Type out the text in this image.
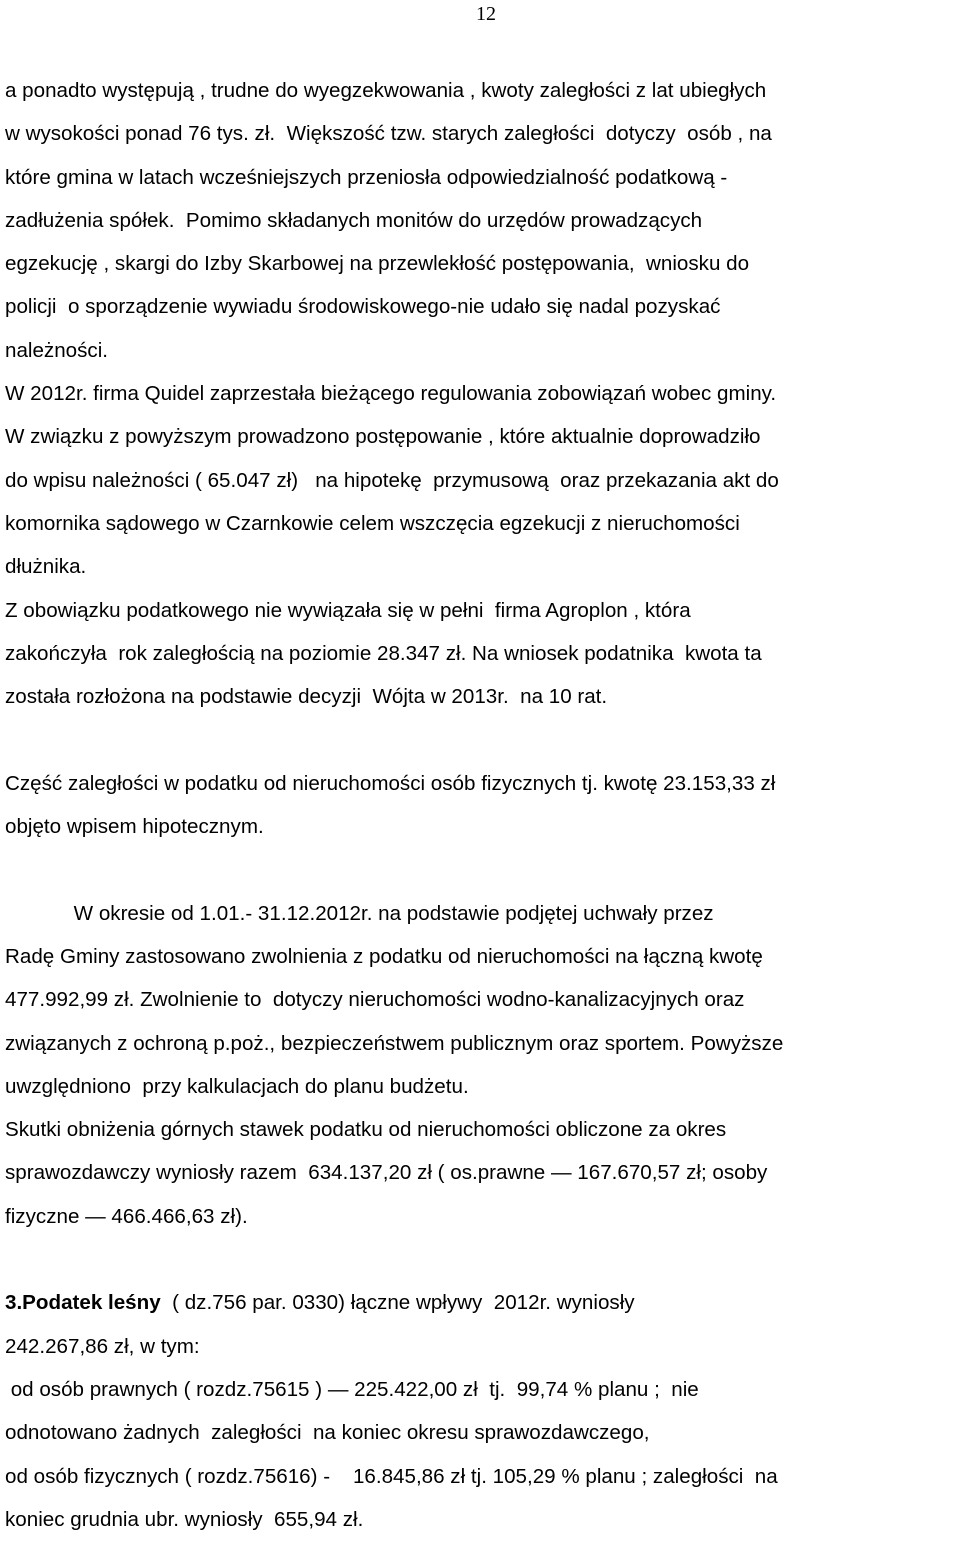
12
a ponadto występują , trudne do wyegzekwowania , kwoty zaległości z lat ubiegłych
w wysokości ponad 76 tys. zł.  Większość tzw. starych zaległości  dotyczy  osób , na
które gmina w latach wcześniejszych przeniosła odpowiedzialność podatkową -
zadłużenia spółek.  Pomimo składanych monitów do urzędów prowadzących
egzekucję , skargi do Izby Skarbowej na przewlekłość postępowania,  wniosku do
policji  o sporządzenie wywiadu środowiskowego-nie udało się nadal pozyskać
należności.
W 2012r. firma Quidel zaprzestała bieżącego regulowania zobowiązań wobec gminy.
W związku z powyższym prowadzono postępowanie , które aktualnie doprowadziło
do wpisu należności ( 65.047 zł)   na hipotekę  przymusową  oraz przekazania akt do
komornika sądowego w Czarnkowie celem wszczęcia egzekucji z nieruchomości
dłużnika.
Z obowiązku podatkowego nie wywiązała się w pełni  firma Agroplon , która
zakończyła  rok zaległością na poziomie 28.347 zł. Na wniosek podatnika  kwota ta
została rozłożona na podstawie decyzji  Wójta w 2013r.  na 10 rat.
Część zaległości w podatku od nieruchomości osób fizycznych tj. kwotę 23.153,33 zł
objęto wpisem hipotecznym.
W okresie od 1.01.- 31.12.2012r. na podstawie podjętej uchwały przez
Radę Gminy zastosowano zwolnienia z podatku od nieruchomości na łączną kwotę
477.992,99 zł. Zwolnienie to  dotyczy nieruchomości wodno-kanalizacyjnych oraz
związanych z ochroną p.poż., bezpieczeństwem publicznym oraz sportem. Powyższe
uwzględniono  przy kalkulacjach do planu budżetu.
Skutki obniżenia górnych stawek podatku od nieruchomości obliczone za okres
sprawozdawczy wyniosły razem  634.137,20 zł ( os.prawne — 167.670,57 zł; osoby
fizyczne — 466.466,63 zł).
3.Podatek leśny  ( dz.756 par. 0330) łączne wpływy  2012r. wyniosły
242.267,86 zł, w tym:
od osób prawnych ( rozdz.75615 ) — 225.422,00 zł  tj.  99,74 % planu ;  nie
odnotowano żadnych  zaległości  na koniec okresu sprawozdawczego,
od osób fizycznych ( rozdz.75616) -    16.845,86 zł tj. 105,29 % planu ; zaległości  na
koniec grudnia ubr. wyniosły  655,94 zł.
